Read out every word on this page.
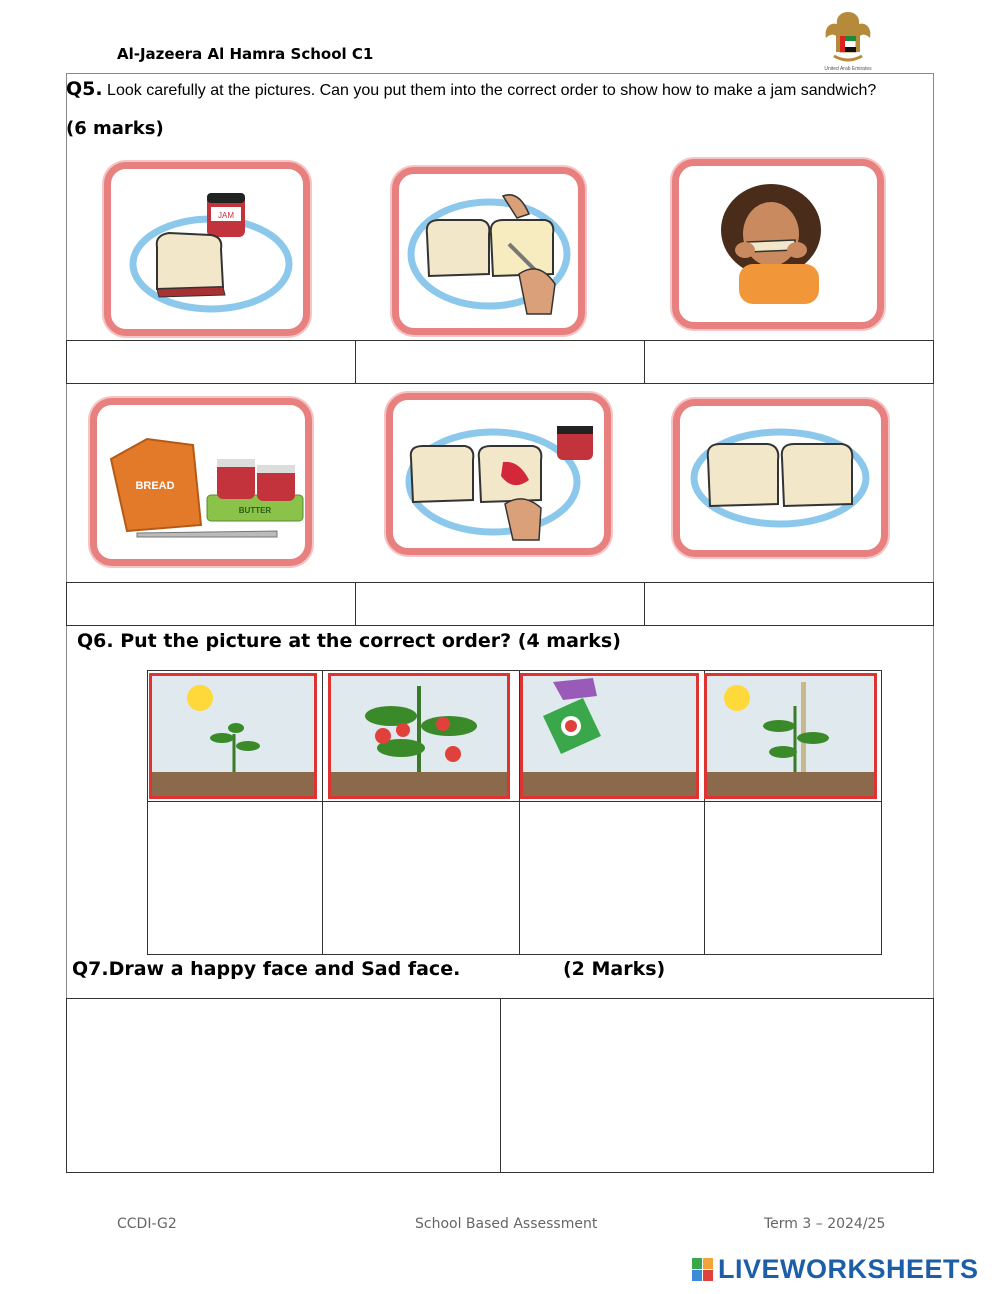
Al-Jazeera Al Hamra School C1
United Arab Emirates
Q5. Look carefully at the pictures. Can you put them into the correct order to show how to make a jam sandwich?
(6 marks)
JAM
BREAD
BUTTER
Q6. Put the picture at the correct order? (4 marks)
Q7.Draw a happy face and Sad face.	(2 Marks)
CCDI-G2	School Based Assessment	Term 3 – 2024/25
LIVEWORKSHEETS
